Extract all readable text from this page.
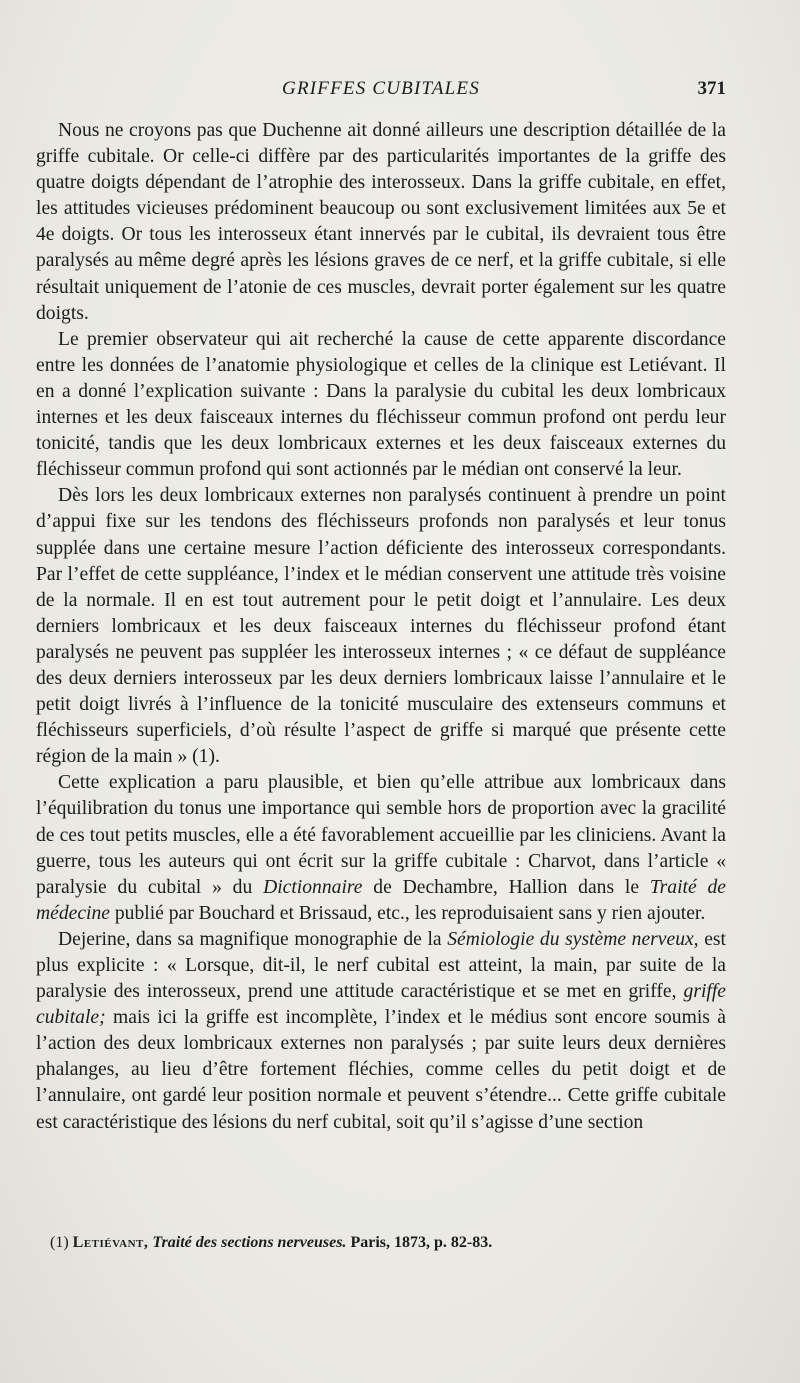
GRIFFES CUBITALES	371

Nous ne croyons pas que Duchenne ait donné ailleurs une description détaillée de la griffe cubitale. Or celle-ci diffère par des particularités importantes de la griffe des quatre doigts dépendant de l’atrophie des interosseux. Dans la griffe cubitale, en effet, les attitudes vicieuses prédominent beaucoup ou sont exclusivement limitées aux 5e et 4e doigts. Or tous les interosseux étant innervés par le cubital, ils devraient tous être paralysés au même degré après les lésions graves de ce nerf, et la griffe cubitale, si elle résultait uniquement de l’atonie de ces muscles, devrait porter également sur les quatre doigts.

Le premier observateur qui ait recherché la cause de cette apparente discordance entre les données de l’anatomie physiologique et celles de la clinique est Letiévant. Il en a donné l’explication suivante : Dans la paralysie du cubital les deux lombricaux internes et les deux faisceaux internes du fléchisseur commun profond ont perdu leur tonicité, tandis que les deux lombricaux externes et les deux faisceaux externes du fléchisseur commun profond qui sont actionnés par le médian ont conservé la leur.

Dès lors les deux lombricaux externes non paralysés continuent à prendre un point d’appui fixe sur les tendons des fléchisseurs profonds non paralysés et leur tonus supplée dans une certaine mesure l’action déficiente des interosseux correspondants. Par l’effet de cette suppléance, l’index et le médian conservent une attitude très voisine de la normale. Il en est tout autrement pour le petit doigt et l’annulaire. Les deux derniers lombricaux et les deux faisceaux internes du fléchisseur profond étant paralysés ne peuvent pas suppléer les interosseux internes ; « ce défaut de suppléance des deux derniers interosseux par les deux derniers lombricaux laisse l’annulaire et le petit doigt livrés à l’influence de la tonicité musculaire des extenseurs communs et fléchisseurs superficiels, d’où résulte l’aspect de griffe si marqué que présente cette région de la main » (1).

Cette explication a paru plausible, et bien qu’elle attribue aux lombricaux dans l’équilibration du tonus une importance qui semble hors de proportion avec la gracilité de ces tout petits muscles, elle a été favorablement accueillie par les cliniciens. Avant la guerre, tous les auteurs qui ont écrit sur la griffe cubitale : Charvot, dans l’article « paralysie du cubital » du Dictionnaire de Dechambre, Hallion dans le Traité de médecine publié par Bouchard et Brissaud, etc., les reproduisaient sans y rien ajouter.

Dejerine, dans sa magnifique monographie de la Sémiologie du système nerveux, est plus explicite : « Lorsque, dit-il, le nerf cubital est atteint, la main, par suite de la paralysie des interosseux, prend une attitude caractéristique et se met en griffe, griffe cubitale; mais ici la griffe est incomplète, l’index et le médius sont encore soumis à l’action des deux lombricaux externes non paralysés ; par suite leurs deux dernières phalanges, au lieu d’être fortement fléchies, comme celles du petit doigt et de l’annulaire, ont gardé leur position normale et peuvent s’étendre... Cette griffe cubitale est caractéristique des lésions du nerf cubital, soit qu’il s’agisse d’une section

(1) Letiévant, Traité des sections nerveuses. Paris, 1873, p. 82-83.
